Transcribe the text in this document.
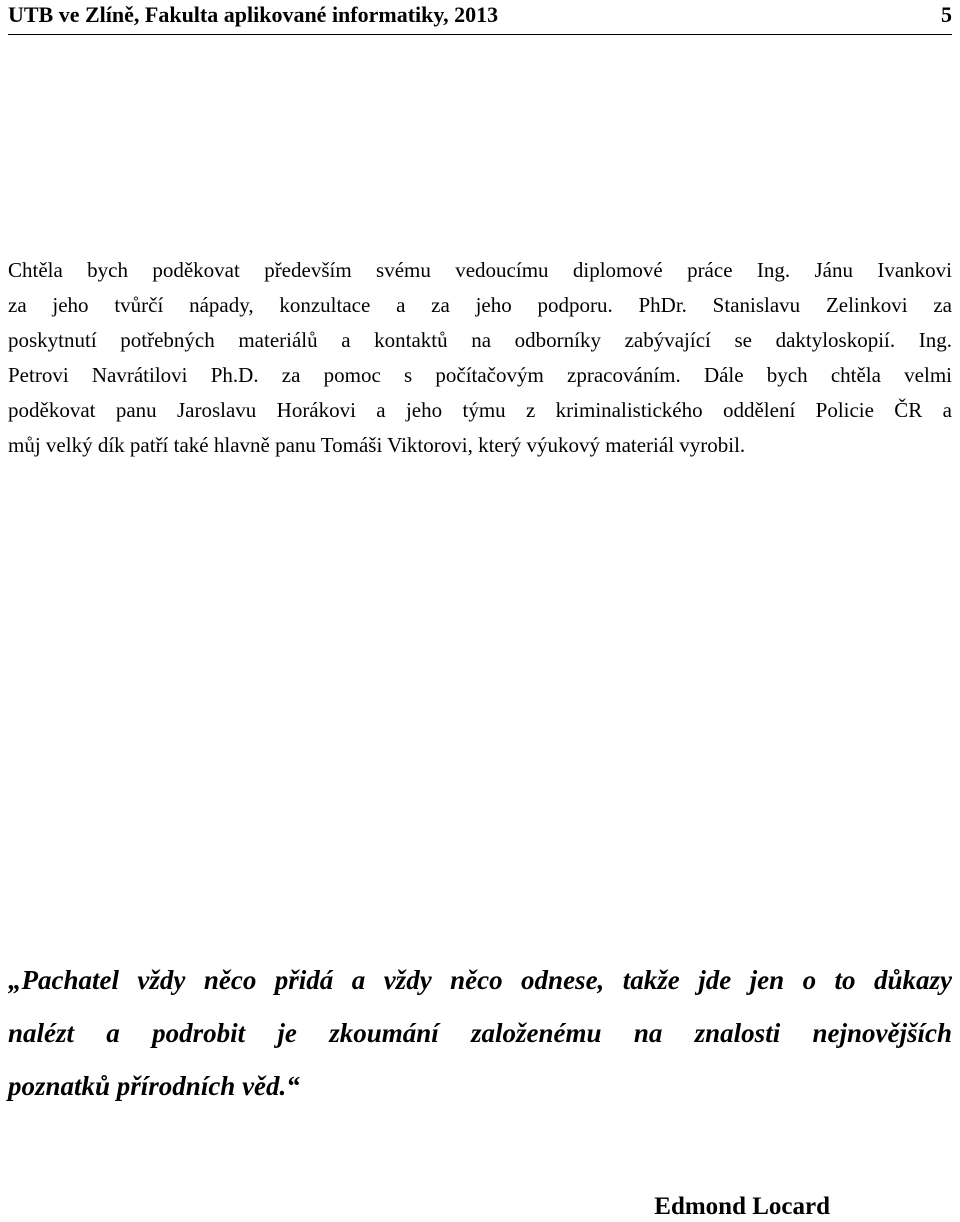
UTB ve Zlíně, Fakulta aplikované informatiky, 2013	5
Chtěla bych poděkovat především svému vedoucímu diplomové práce Ing. Jánu Ivankovi
za jeho tvůrčí nápady, konzultace a za jeho podporu. PhDr. Stanislavu Zelinkovi za
poskytnutí potřebných materiálů a kontaktů na odborníky zabývající se daktyloskopií. Ing.
Petrovi Navrátilovi Ph.D. za pomoc s počítačovým zpracováním. Dále bych chtěla velmi
poděkovat panu Jaroslavu Horákovi a jeho týmu z kriminalistického oddělení Policie ČR a
můj velký dík patří také hlavně panu Tomáši Viktorovi, který výukový materiál vyrobil.
„Pachatel vždy něco přidá a vždy něco odnese, takže jde jen o to důkazy
nalézt a podrobit je zkoumání založenému na znalosti nejnovějších
poznatků přírodních věd.“
Edmond Locard
